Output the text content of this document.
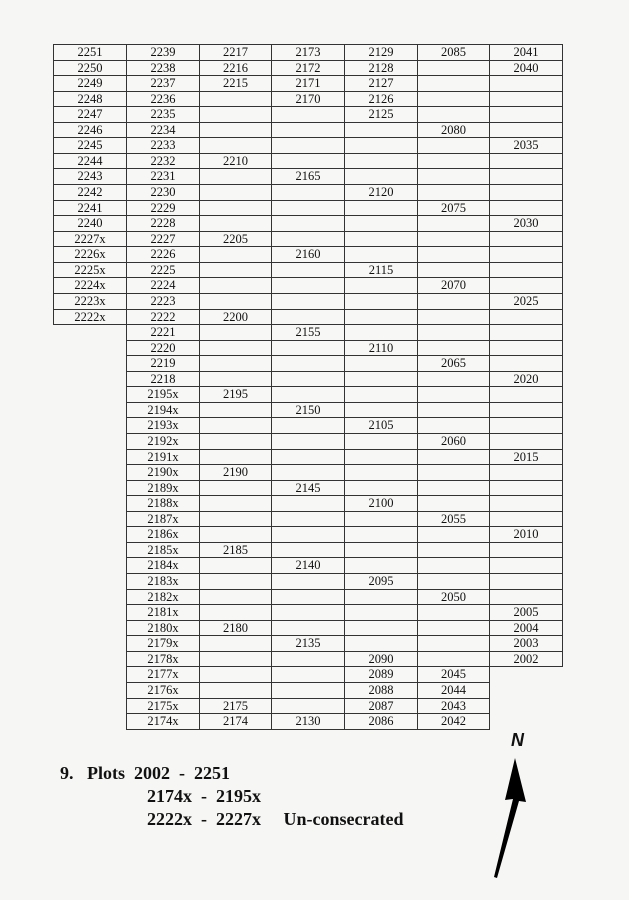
2251
2250
2249
2248
2247
2246
2245
2244
2243
2242
2241
2240
2227x
2226x
2225x
2224x
2223x
2222x
2239
2238
2237
2236
2235
2234
2233
2232
2231
2230
2229
2228
2227
2226
2225
2224
2223
2222
2221
2220
2219
2218
2195x
2194x
2193x
2192x
2191x
2190x
2189x
2188x
2187x
2186x
2185x
2184x
2183x
2182x
2181x
2180x
2179x
2178x
2177x
2176x
2175x
2174x
2217
2216
2215
2210
2205
2200
2195
2190
2185
2180
2175
2174
2173
2172
2171
2170
2165
2160
2155
2150
2145
2140
2135
2130
2129
2128
2127
2126
2125
2120
2115
2110
2105
2100
2095
2090
2089
2088
2087
2086
2085
2080
2075
2070
2065
2060
2055
2050
2045
2044
2043
2042
2041
2040
2035
2030
2025
2020
2015
2010
2005
2004
2003
2002
9.   Plots  2002  -  2251
2174x  -  2195x
2222x  -  2227x     Un-consecrated
N
